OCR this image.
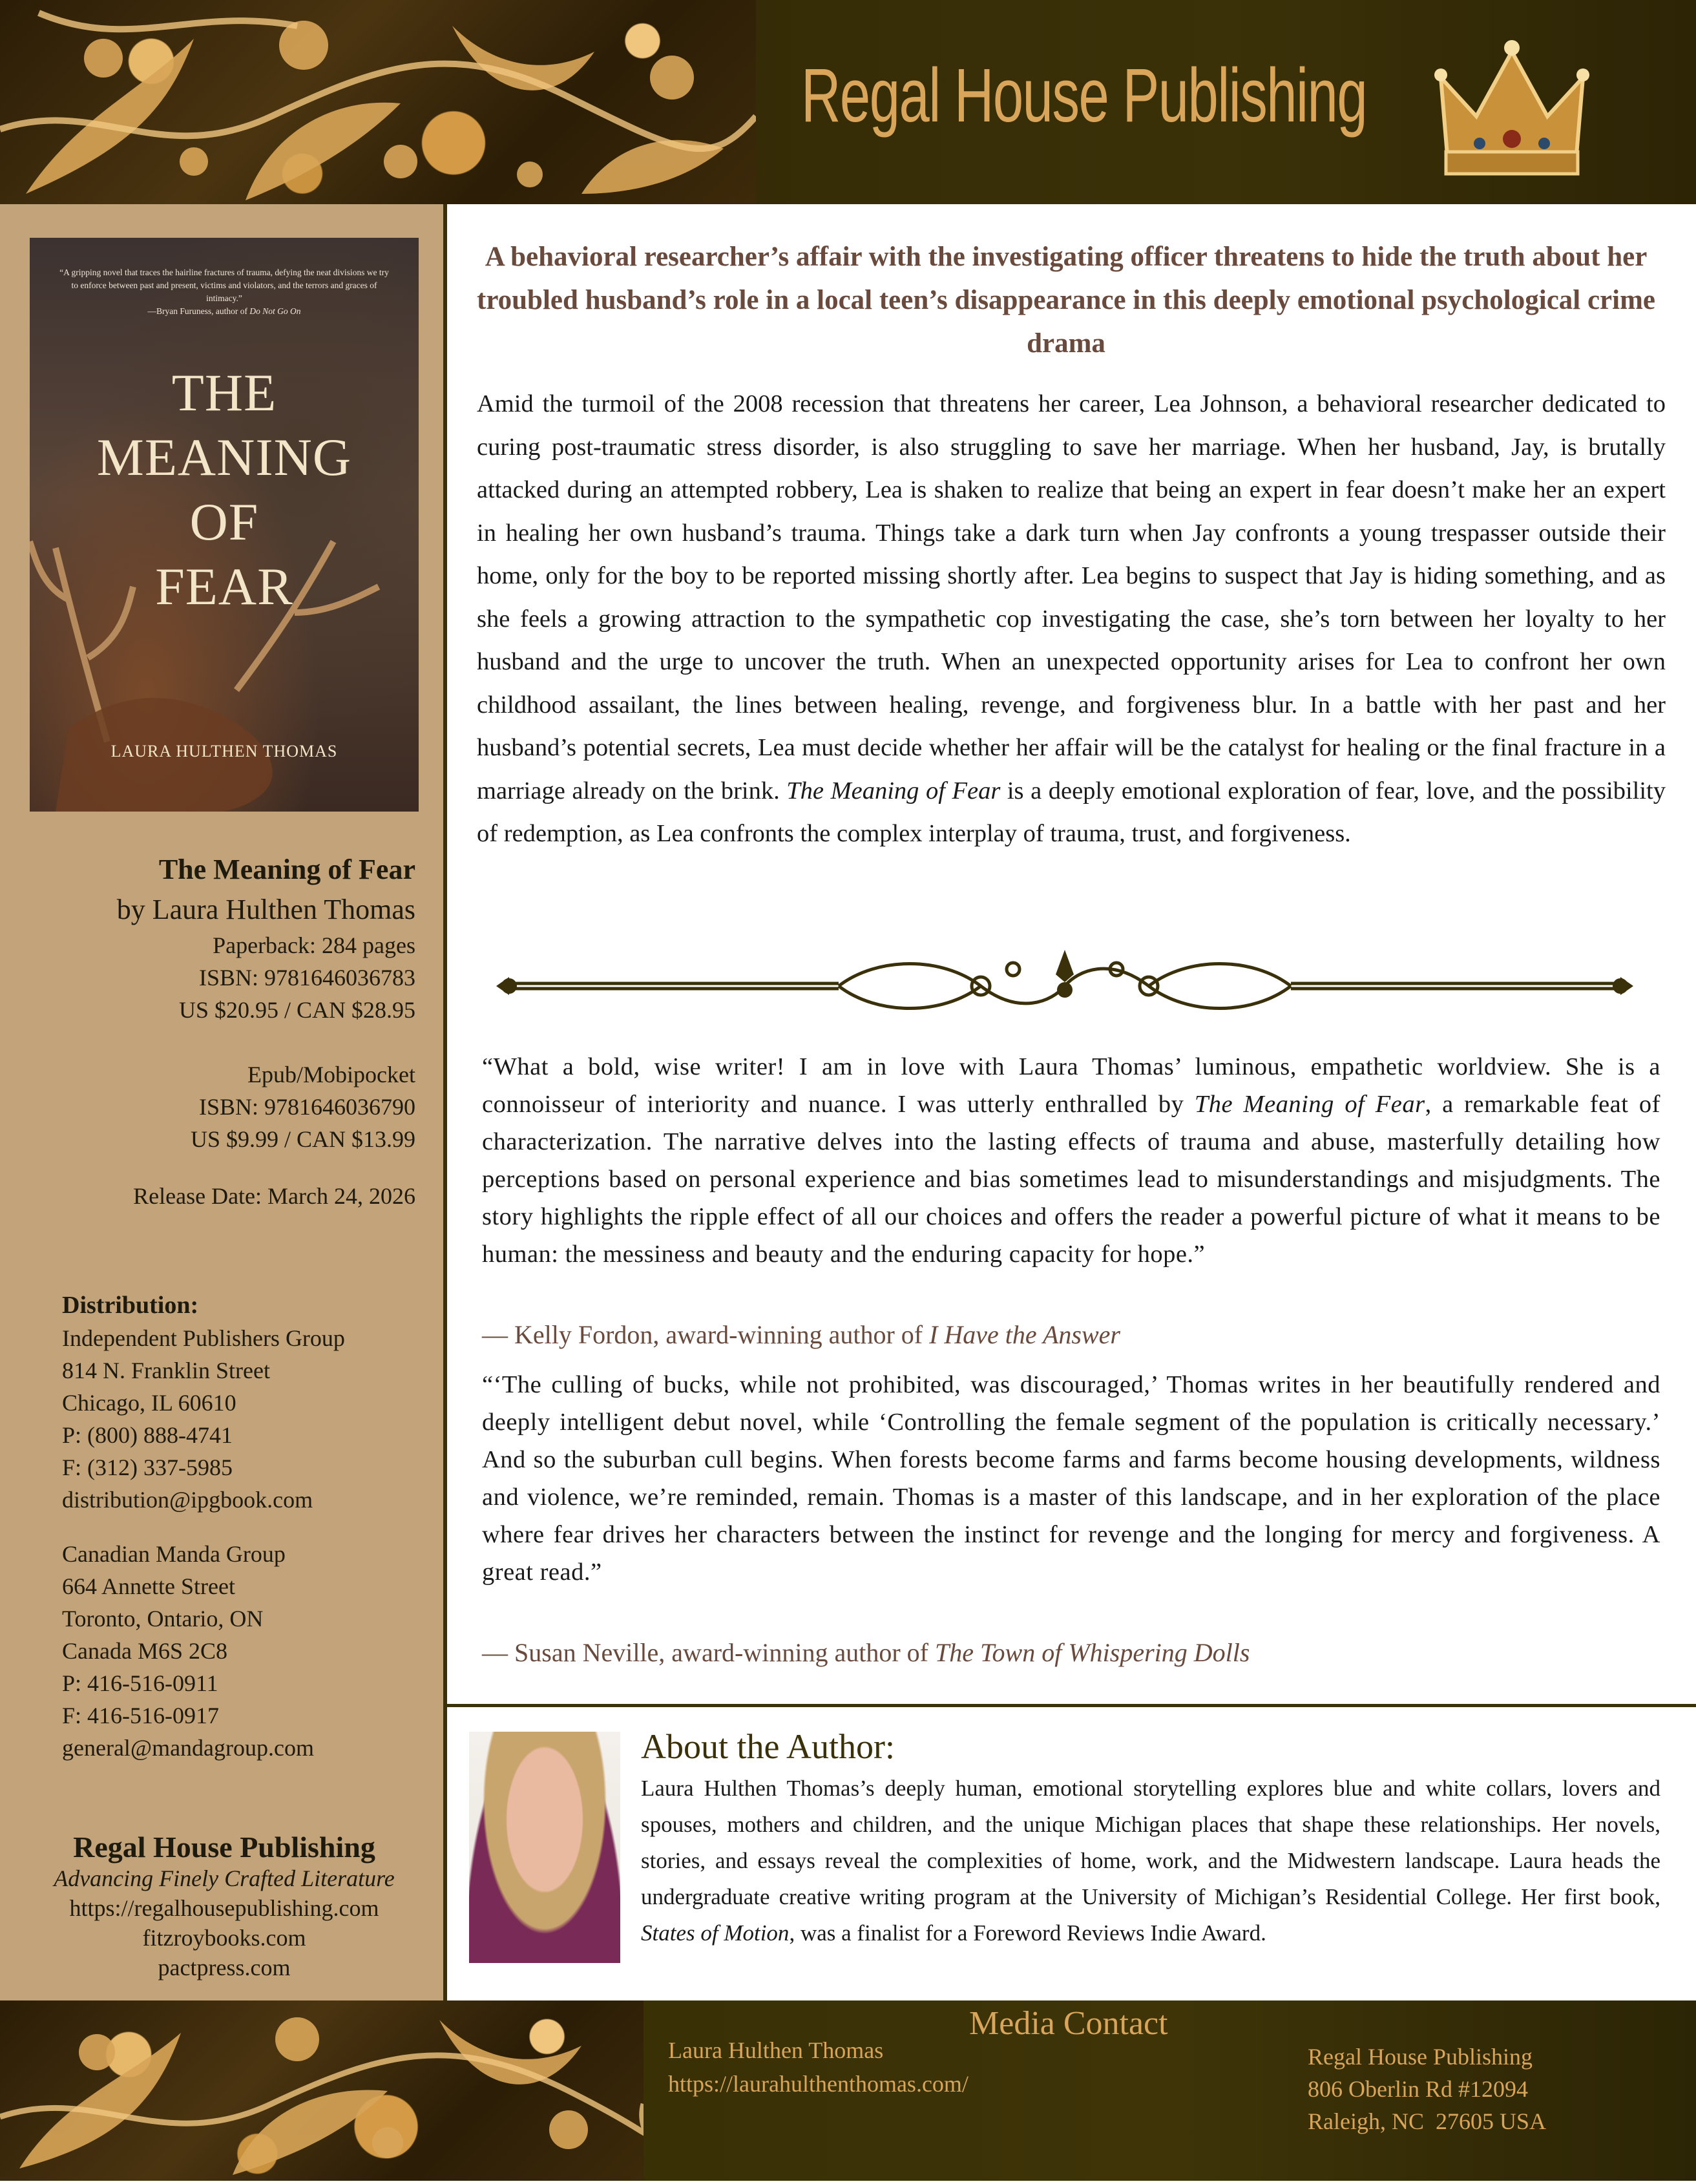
Regal House Publishing
“A gripping novel that traces the hairline fractures of trauma, defying the neat divisions we try to enforce between past and present, victims and violators, and the terrors and graces of intimacy.”
—Bryan Furuness, author of Do Not Go On
THE
MEANING
OF
FEAR
LAURA HULTHEN THOMAS
The Meaning of Fear
by Laura Hulthen Thomas
Paperback: 284 pages
ISBN: 9781646036783
US $20.95 / CAN $28.95
Epub/Mobipocket
ISBN: 9781646036790
US $9.99 / CAN $13.99
Release Date: March 24, 2026
Distribution:
Independent Publishers Group
814 N. Franklin Street
Chicago, IL 60610
P: (800) 888-4741
F: (312) 337-5985
distribution@ipgbook.com
Canadian Manda Group
664 Annette Street
Toronto, Ontario, ON
Canada M6S 2C8
P: 416-516-0911
F: 416-516-0917
general@mandagroup.com
Regal House Publishing
Advancing Finely Crafted Literature
https://regalhousepublishing.com
fitzroybooks.com
pactpress.com
A behavioral researcher’s affair with the investigating officer threatens to hide the truth about her troubled husband’s role in a local teen’s disappearance in this deeply emotional psychological crime drama
Amid the turmoil of the 2008 recession that threatens her career, Lea Johnson, a behavioral researcher dedicated to curing post-traumatic stress disorder, is also struggling to save her marriage. When her husband, Jay, is brutally attacked during an attempted robbery, Lea is shaken to realize that being an expert in fear doesn’t make her an expert in healing her own husband’s trauma. Things take a dark turn when Jay confronts a young trespasser outside their home, only for the boy to be reported missing shortly after. Lea begins to suspect that Jay is hiding something, and as she feels a growing attraction to the sympathetic cop investigating the case, she’s torn between her loyalty to her husband and the urge to uncover the truth. When an unexpected opportunity arises for Lea to confront her own childhood assailant, the lines between healing, revenge, and forgiveness blur. In a battle with her past and her husband’s potential secrets, Lea must decide whether her affair will be the catalyst for healing or the final fracture in a marriage already on the brink. The Meaning of Fear is a deeply emotional exploration of fear, love, and the possibility of redemption, as Lea confronts the complex interplay of trauma, trust, and forgiveness.
“What a bold, wise writer! I am in love with Laura Thomas’ luminous, empathetic worldview. She is a connoisseur of interiority and nuance. I was utterly enthralled by The Meaning of Fear, a remarkable feat of characterization. The narrative delves into the lasting effects of trauma and abuse, masterfully detailing how perceptions based on personal experience and bias sometimes lead to misunderstandings and misjudgments. The story highlights the ripple effect of all our choices and offers the reader a powerful picture of what it means to be human: the messiness and beauty and the enduring capacity for hope.”
— Kelly Fordon, award-winning author of I Have the Answer
“‘The culling of bucks, while not prohibited, was discouraged,’ Thomas writes in her beautifully rendered and deeply intelligent debut novel, while ‘Controlling the female segment of the population is critically necessary.’ And so the suburban cull begins. When forests become farms and farms become housing developments, wildness and violence, we’re reminded, remain. Thomas is a master of this landscape, and in her exploration of the place where fear drives her characters between the instinct for revenge and the longing for mercy and forgiveness. A great read.”
— Susan Neville, award-winning author of The Town of Whispering Dolls
About the Author:
Laura Hulthen Thomas’s deeply human, emotional storytelling explores blue and white collars, lovers and spouses, mothers and children, and the unique Michigan places that shape these relationships. Her novels, stories, and essays reveal the complexities of home, work, and the Midwestern landscape. Laura heads the undergraduate creative writing program at the University of Michigan’s Residential College. Her first book, States of Motion, was a finalist for a Foreword Reviews Indie Award.
Media Contact
Laura Hulthen Thomas
https://laurahulthenthomas.com/
Regal House Publishing
806 Oberlin Rd #12094
Raleigh, NC  27605 USA
